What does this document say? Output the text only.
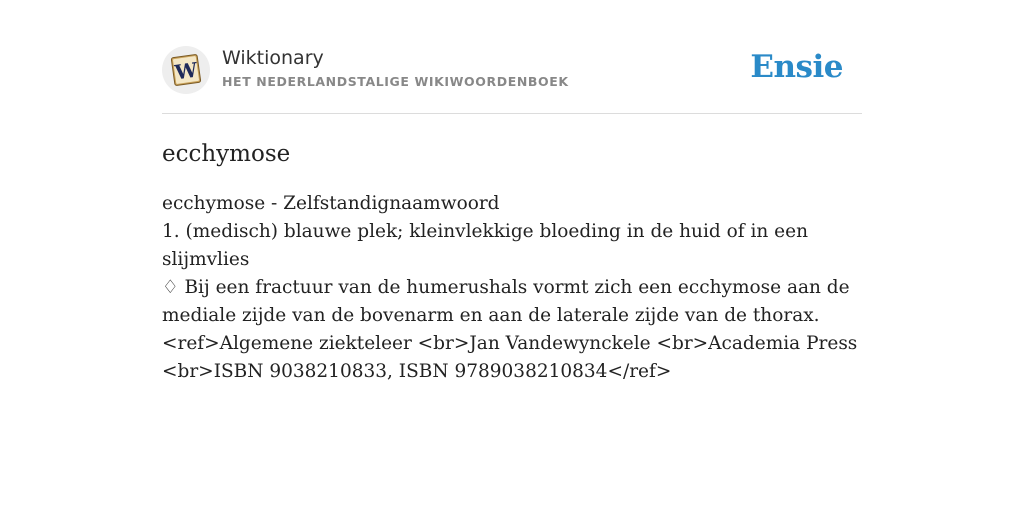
W Wiktionary
HET NEDERLANDSTALIGE WIKIWOORDENBOEK	Ensie
ecchymose
ecchymose - Zelfstandignaamwoord
1. (medisch) blauwe plek; kleinvlekkige bloeding in de huid of in een slijmvlies
♢ Bij een fractuur van de humerushals vormt zich een ecchymose aan de mediale zijde van de bovenarm en aan de laterale zijde van de thorax.<ref>Algemene ziekteleer <br>Jan Vandewynckele <br>Academia Press <br>ISBN 9038210833, ISBN 9789038210834</ref>
